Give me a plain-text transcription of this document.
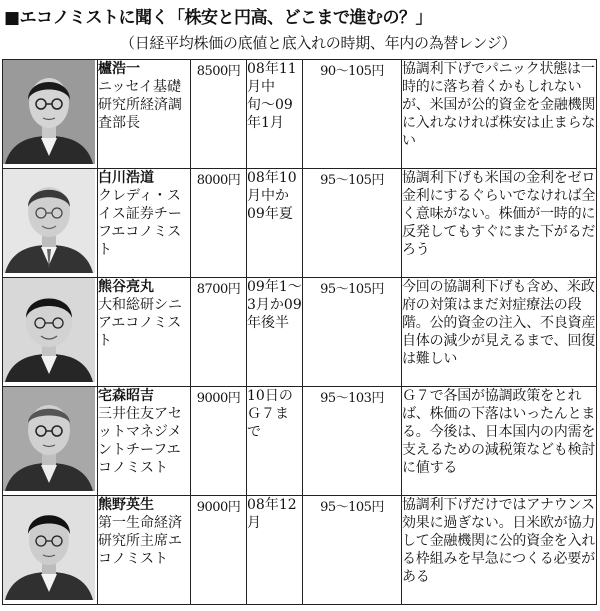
■エコノミストに聞く「株安と円高、どこまで進むの？」
（日経平均株価の底値と底入れの時期、年内の為替レンジ）

櫨浩一
ニッセイ基礎研究所経済調査部長	8500円	08年11月中旬〜09年1月	90〜105円	協調利下げでパニック状態は一時的に落ち着くかもしれないが、米国が公的資金を金融機関に入れなければ株安は止まらない

白川浩道
クレディ・スイス証券チーフエコノミスト	8000円	08年10月中か09年夏	95〜105円	協調利下げも米国の金利をゼロ金利にするぐらいでなければ全く意味がない。株価が一時的に反発してもすぐにまた下がるだろう

熊谷亮丸
大和総研シニアエコノミスト	8700円	09年1〜3月か09年後半	95〜105円	今回の協調利下げも含め、米政府の対策はまだ対症療法の段階。公的資金の注入、不良資産自体の減少が見えるまで、回復は難しい

宅森昭吉
三井住友アセットマネジメントチーフエコノミスト	9000円	10日のＧ７まで	95〜103円	Ｇ７で各国が協調政策をとれば、株価の下落はいったんとまる。今後は、日本国内の内需を支えるための減税策なども検討に値する

熊野英生
第一生命経済研究所主席エコノミスト	9000円	08年12月	95〜105円	協調利下げだけではアナウンス効果に過ぎない。日米欧が協力して金融機関に公的資金を入れる枠組みを早急につくる必要がある
